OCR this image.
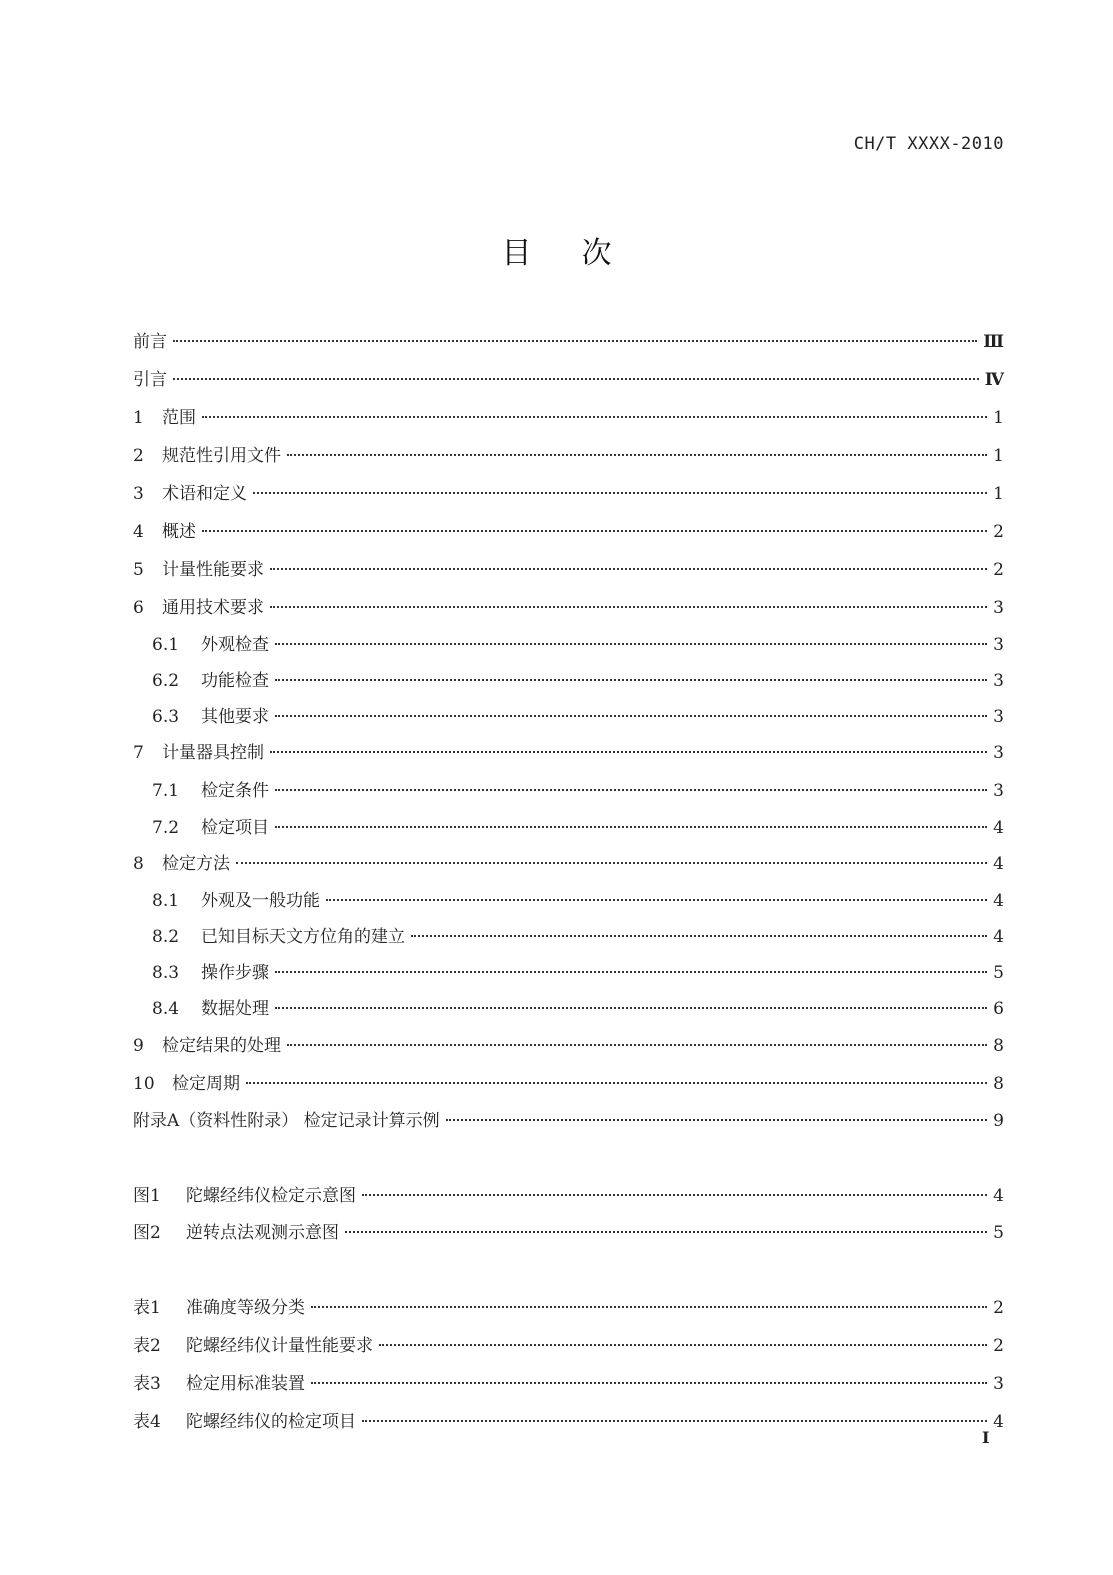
CH/T XXXX-2010
目 次
前言	Ⅲ
引言	Ⅳ
1	范围	1
2	规范性引用文件	1
3	术语和定义	1
4	概述	2
5	计量性能要求	2
6	通用技术要求	3
6.1	外观检查	3
6.2	功能检查	3
6.3	其他要求	3
7	计量器具控制	3
7.1	检定条件	3
7.2	检定项目	4
8	检定方法	4
8.1	外观及一般功能	4
8.2	已知目标天文方位角的建立	4
8.3	操作步骤	5
8.4	数据处理	6
9	检定结果的处理	8
10	检定周期	8
附录A（资料性附录） 检定记录计算示例	9
图1	陀螺经纬仪检定示意图	4
图2	逆转点法观测示意图	5
表1	准确度等级分类	2
表2	陀螺经纬仪计量性能要求	2
表3	检定用标准装置	3
表4	陀螺经纬仪的检定项目	4
I
